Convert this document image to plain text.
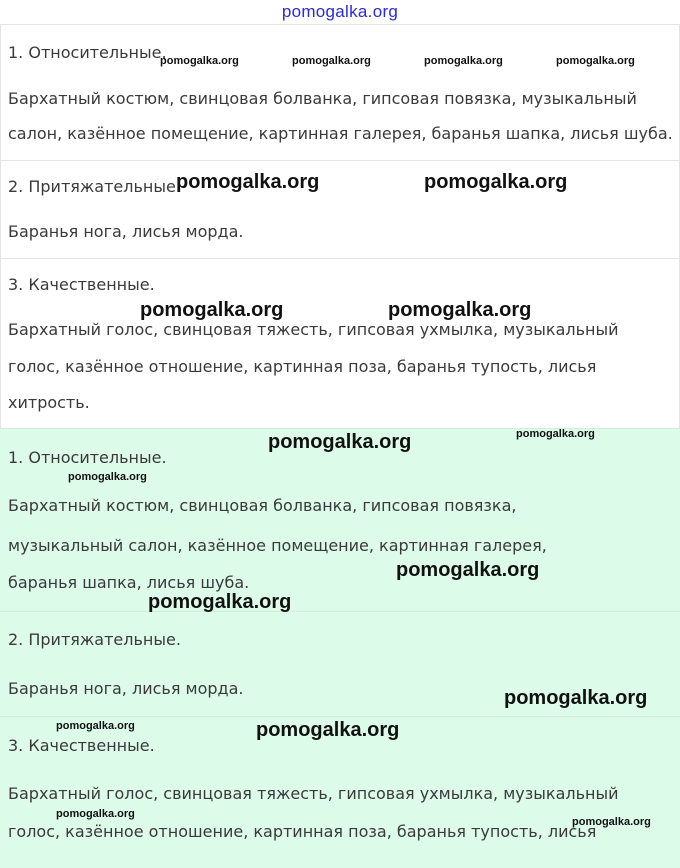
pomogalka.org
1. Относительные.
Бархатный костюм, свинцовая болванка, гипсовая повязка, музыкальный
салон, казённое помещение, картинная галерея, баранья шапка, лисья шуба.
2. Притяжательные.
Баранья нога, лисья морда.
3. Качественные.
Бархатный голос, свинцовая тяжесть, гипсовая ухмылка, музыкальный
голос, казённое отношение, картинная поза, баранья тупость, лисья
хитрость.
1. Относительные.
Бархатный костюм, свинцовая болванка, гипсовая повязка,
музыкальный салон, казённое помещение, картинная галерея,
баранья шапка, лисья шуба.
2. Притяжательные.
Баранья нога, лисья морда.
3. Качественные.
Бархатный голос, свинцовая тяжесть, гипсовая ухмылка, музыкальный
голос, казённое отношение, картинная поза, баранья тупость, лисья
pomogalka.org	pomogalka.org	pomogalka.org	pomogalka.org
pomogalka.org	pomogalka.org
pomogalka.org	pomogalka.org
pomogalka.org	pomogalka.org
pomogalka.org
pomogalka.org
pomogalka.org
pomogalka.org
pomogalka.org	pomogalka.org
pomogalka.org
pomogalka.org
